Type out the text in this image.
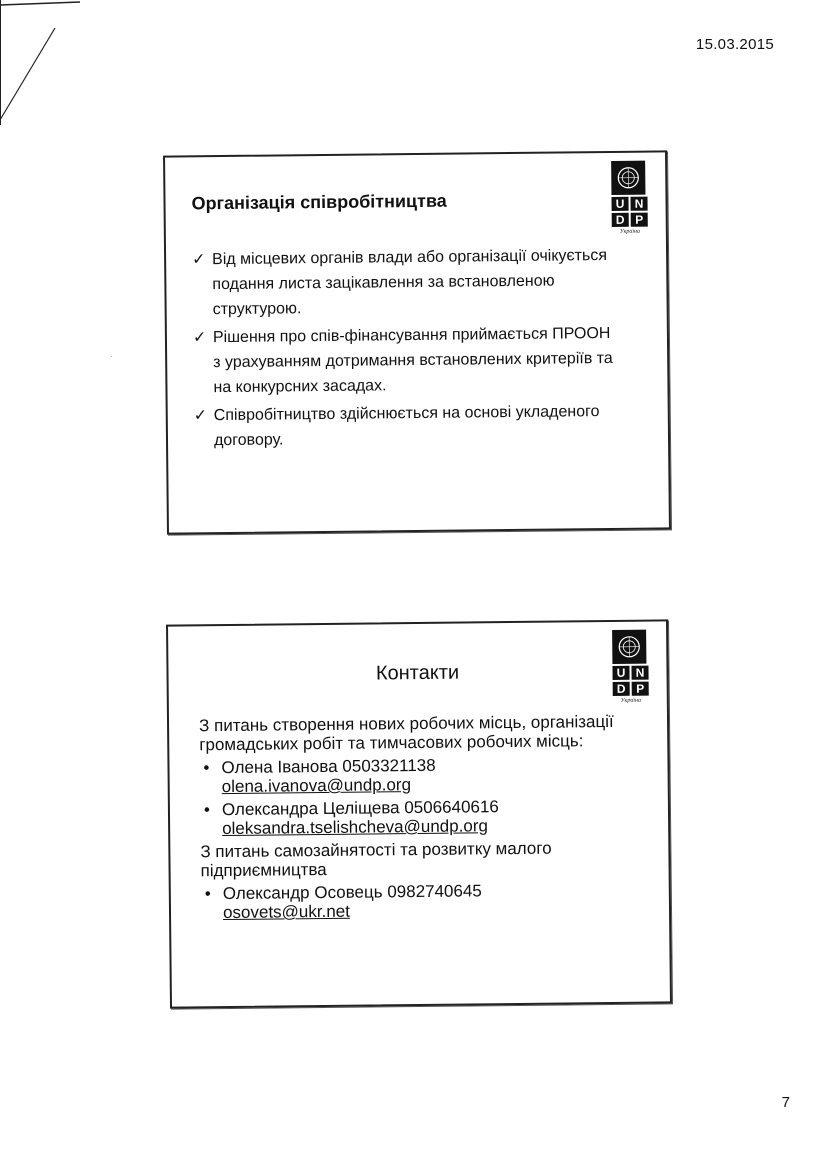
15.03.2015
U N
D P
Україна
Організація співробітництва
✓ Від місцевих органів влади або організації очікується подання листа зацікавлення за встановленою структурою.
✓ Рішення про спів-фінансування приймається ПРООН з урахуванням дотримання встановлених критеріїв та на конкурсних засадах.
✓ Співробітництво здійснюється на основі укладеного договору.
·
U N
D P
Україна
Контакти

З питань створення нових робочих місць, організації громадських робіт та тимчасових робочих місць:

• Олена Іванова 0503321138
olena.ivanova@undp.org
• Олександра Целіщева 0506640616
oleksandra.tselishcheva@undp.org

З питань самозайнятості та розвитку малого підприємництва

• Олександр Осовець 0982740645
osovets@ukr.net
7
